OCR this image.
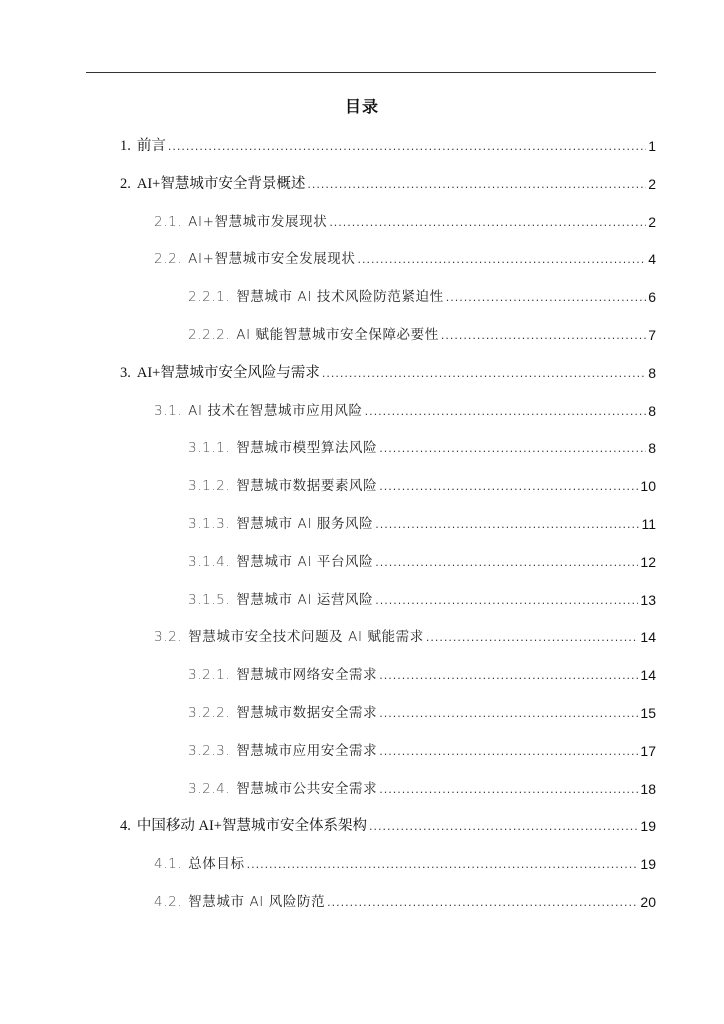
目录
1. 前言 .....	1
2. AI+智慧城市安全背景概述 .....	2
2.1. AI+智慧城市发展现状 .....	2
2.2. AI+智慧城市安全发展现状 .....	4
2.2.1. 智慧城市 AI 技术风险防范紧迫性 .....	6
2.2.2. AI 赋能智慧城市安全保障必要性 .....	7
3. AI+智慧城市安全风险与需求 .....	8
3.1. AI 技术在智慧城市应用风险 .....	8
3.1.1. 智慧城市模型算法风险 .....	8
3.1.2. 智慧城市数据要素风险 .....	10
3.1.3. 智慧城市 AI 服务风险 .....	11
3.1.4. 智慧城市 AI 平台风险 .....	12
3.1.5. 智慧城市 AI 运营风险 .....	13
3.2. 智慧城市安全技术问题及 AI 赋能需求 .....	14
3.2.1. 智慧城市网络安全需求 .....	14
3.2.2. 智慧城市数据安全需求 .....	15
3.2.3. 智慧城市应用安全需求 .....	17
3.2.4. 智慧城市公共安全需求 .....	18
4. 中国移动 AI+智慧城市安全体系架构 .....	19
4.1. 总体目标 .....	19
4.2. 智慧城市 AI 风险防范 .....	20
